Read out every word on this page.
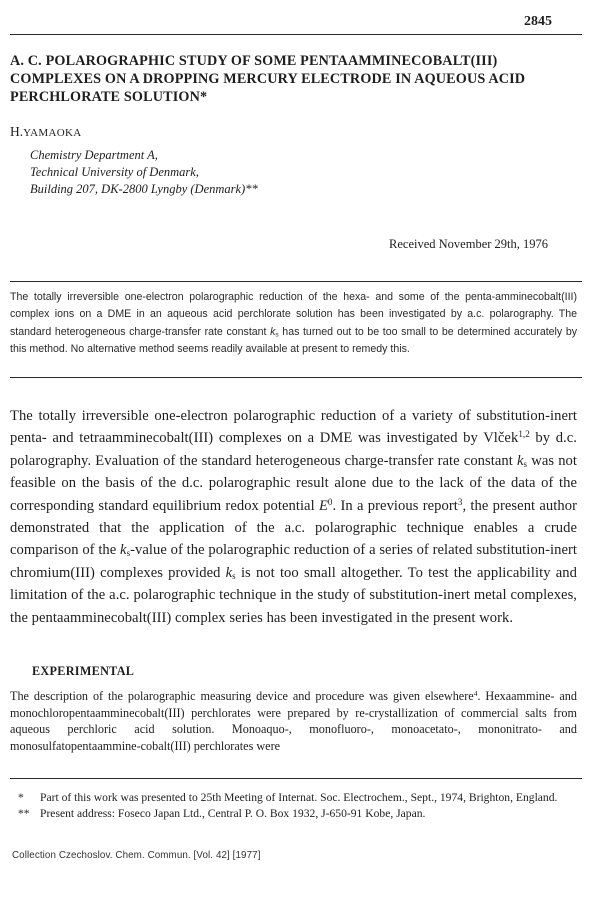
2845
A. C. POLAROGRAPHIC STUDY OF SOME PENTAAMMINECOBALT(III) COMPLEXES ON A DROPPING MERCURY ELECTRODE IN AQUEOUS ACID PERCHLORATE SOLUTION*
H.YAMAOKA
Chemistry Department A,
Technical University of Denmark,
Building 207, DK-2800 Lyngby (Denmark)**
Received November 29th, 1976
The totally irreversible one-electron polarographic reduction of the hexa- and some of the penta-amminecobalt(III) complex ions on a DME in an aqueous acid perchlorate solution has been investigated by a.c. polarography. The standard heterogeneous charge-transfer rate constant $k_s$ has turned out to be too small to be determined accurately by this method. No alternative method seems readily available at present to remedy this.
The totally irreversible one-electron polarographic reduction of a variety of substitution-inert penta- and tetraamminecobalt(III) complexes on a DME was investigated by Vlček$^{1,2}$ by d.c. polarography. Evaluation of the standard heterogeneous charge-transfer rate constant $k_s$ was not feasible on the basis of the d.c. polarographic result alone due to the lack of the data of the corresponding standard equilibrium redox potential $E^0$. In a previous report$^3$, the present author demonstrated that the application of the a.c. polarographic technique enables a crude comparison of the $k_s$-value of the polarographic reduction of a series of related substitution-inert chromium(III) complexes provided $k_s$ is not too small altogether. To test the applicability and limitation of the a.c. polarographic technique in the study of substitution-inert metal complexes, the pentaamminecobalt(III) complex series has been investigated in the present work.
EXPERIMENTAL
The description of the polarographic measuring device and procedure was given elsewhere$^4$. Hexaammine- and monochloropentaamminecobalt(III) perchlorates were prepared by re-crystallization of commercial salts from aqueous perchloric acid solution. Monoaquo-, monofluoro-, monoacetato-, mononitrato- and monosulfatopentaammine-cobalt(III) perchlorates were
* Part of this work was presented to 25th Meeting of Internat. Soc. Electrochem., Sept., 1974, Brighton, England.
** Present address: Foseco Japan Ltd., Central P. O. Box 1932, J-650-91 Kobe, Japan.
Collection Czechoslov. Chem. Commun. [Vol. 42] [1977]
